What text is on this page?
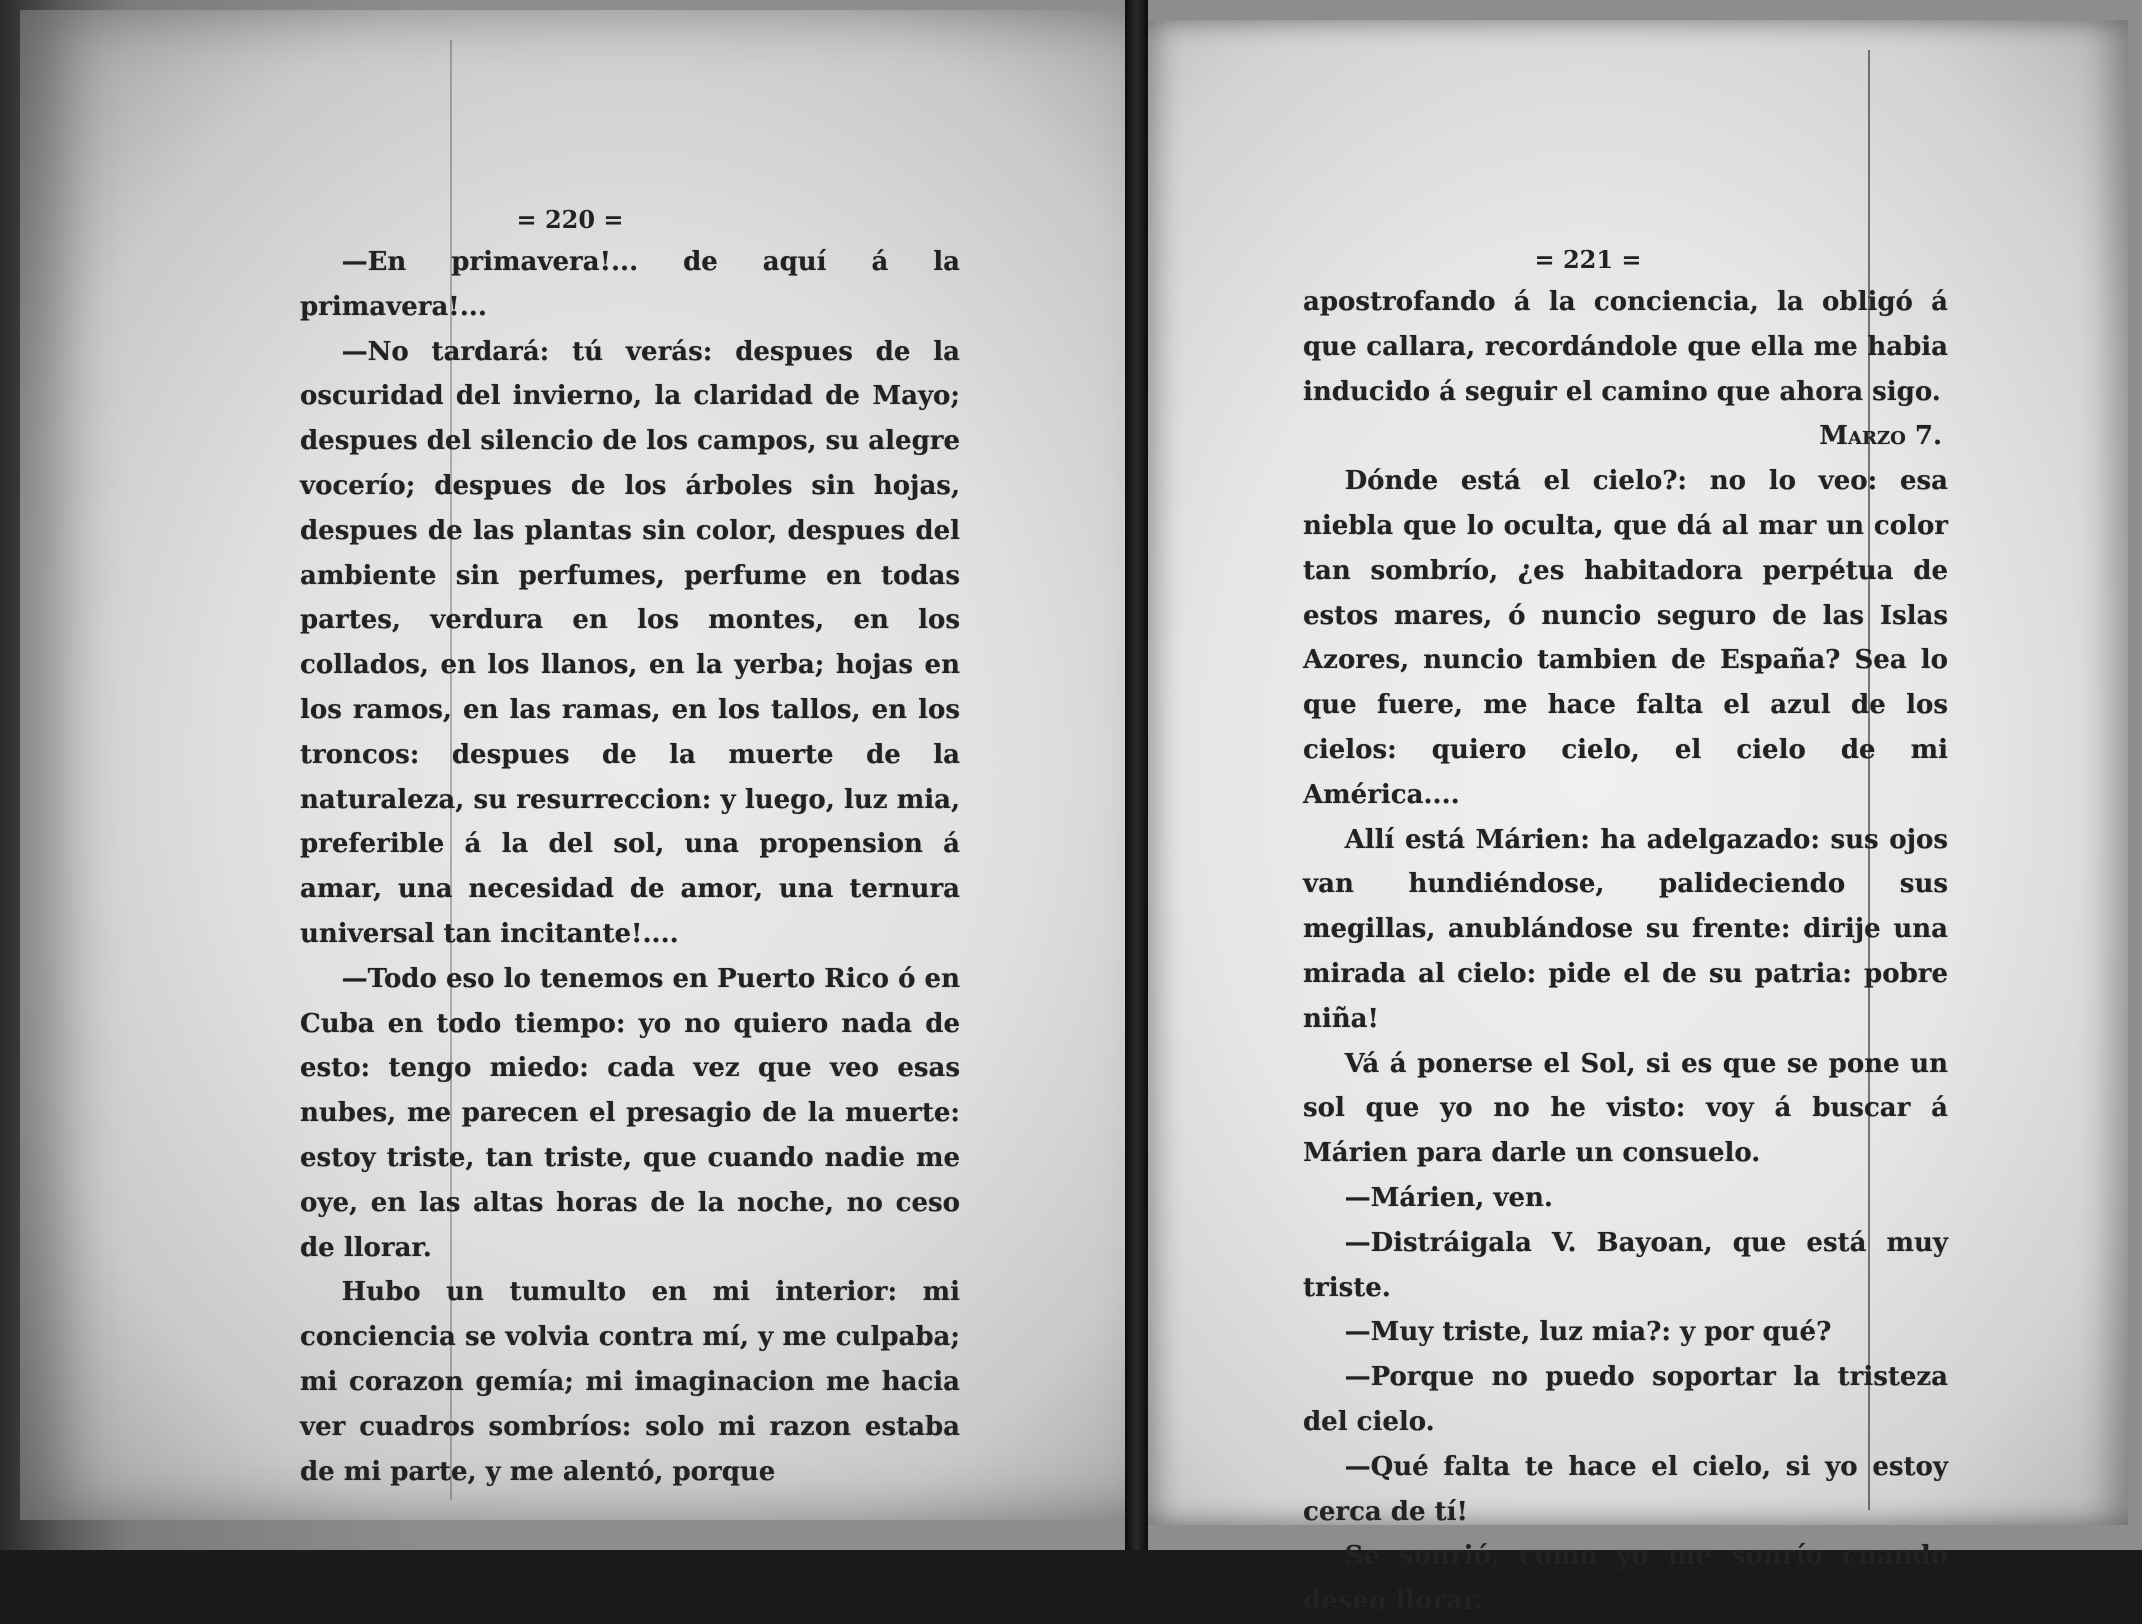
= 220 =

—En primavera!... de aquí á la primavera!...

—No tardará: tú verás: despues de la oscuridad del invierno, la claridad de Mayo; despues del silencio de los campos, su alegre vocerío; despues de los árboles sin hojas, despues de las plantas sin color, despues del ambiente sin perfumes, perfume en todas partes, verdura en los montes, en los collados, en los llanos, en la yerba; hojas en los ramos, en las ramas, en los tallos, en los troncos: despues de la muerte de la naturaleza, su resurreccion: y luego, luz mia, preferible á la del sol, una propension á amar, una necesidad de amor, una ternura universal tan incitante!....

—Todo eso lo tenemos en Puerto Rico ó en Cuba en todo tiempo: yo no quiero nada de esto: tengo miedo: cada vez que veo esas nubes, me parecen el presagio de la muerte: estoy triste, tan triste, que cuando nadie me oye, en las altas horas de la noche, no ceso de llorar.

Hubo un tumulto en mi interior: mi conciencia se volvia contra mí, y me culpaba; mi corazon gemía; mi imaginacion me hacia ver cuadros sombríos: solo mi razon estaba de mi parte, y me alentó, porque

= 221 =

apostrofando á la conciencia, la obligó á que callara, recordándole que ella me habia inducido á seguir el camino que ahora sigo.

Marzo 7.

Dónde está el cielo?: no lo veo: esa niebla que lo oculta, que dá al mar un color tan sombrío, ¿es habitadora perpétua de estos mares, ó nuncio seguro de las Islas Azores, nuncio tambien de España? Sea lo que fuere, me hace falta el azul de los cielos: quiero cielo, el cielo de mi América....

Allí está Márien: ha adelgazado: sus ojos van hundiéndose, palideciendo sus megillas, anublándose su frente: dirije una mirada al cielo: pide el de su patria: pobre niña!

Vá á ponerse el Sol, si es que se pone un sol que yo no he visto: voy á buscar á Márien para darle un consuelo.

—Márien, ven.

—Distráigala V. Bayoan, que está muy triste.

—Muy triste, luz mia?: y por qué?

—Porque no puedo soportar la tristeza del cielo.

—Qué falta te hace el cielo, si yo estoy cerca de tí!

Se sonrió, como yo me sonrío cuando deseo llorar.
